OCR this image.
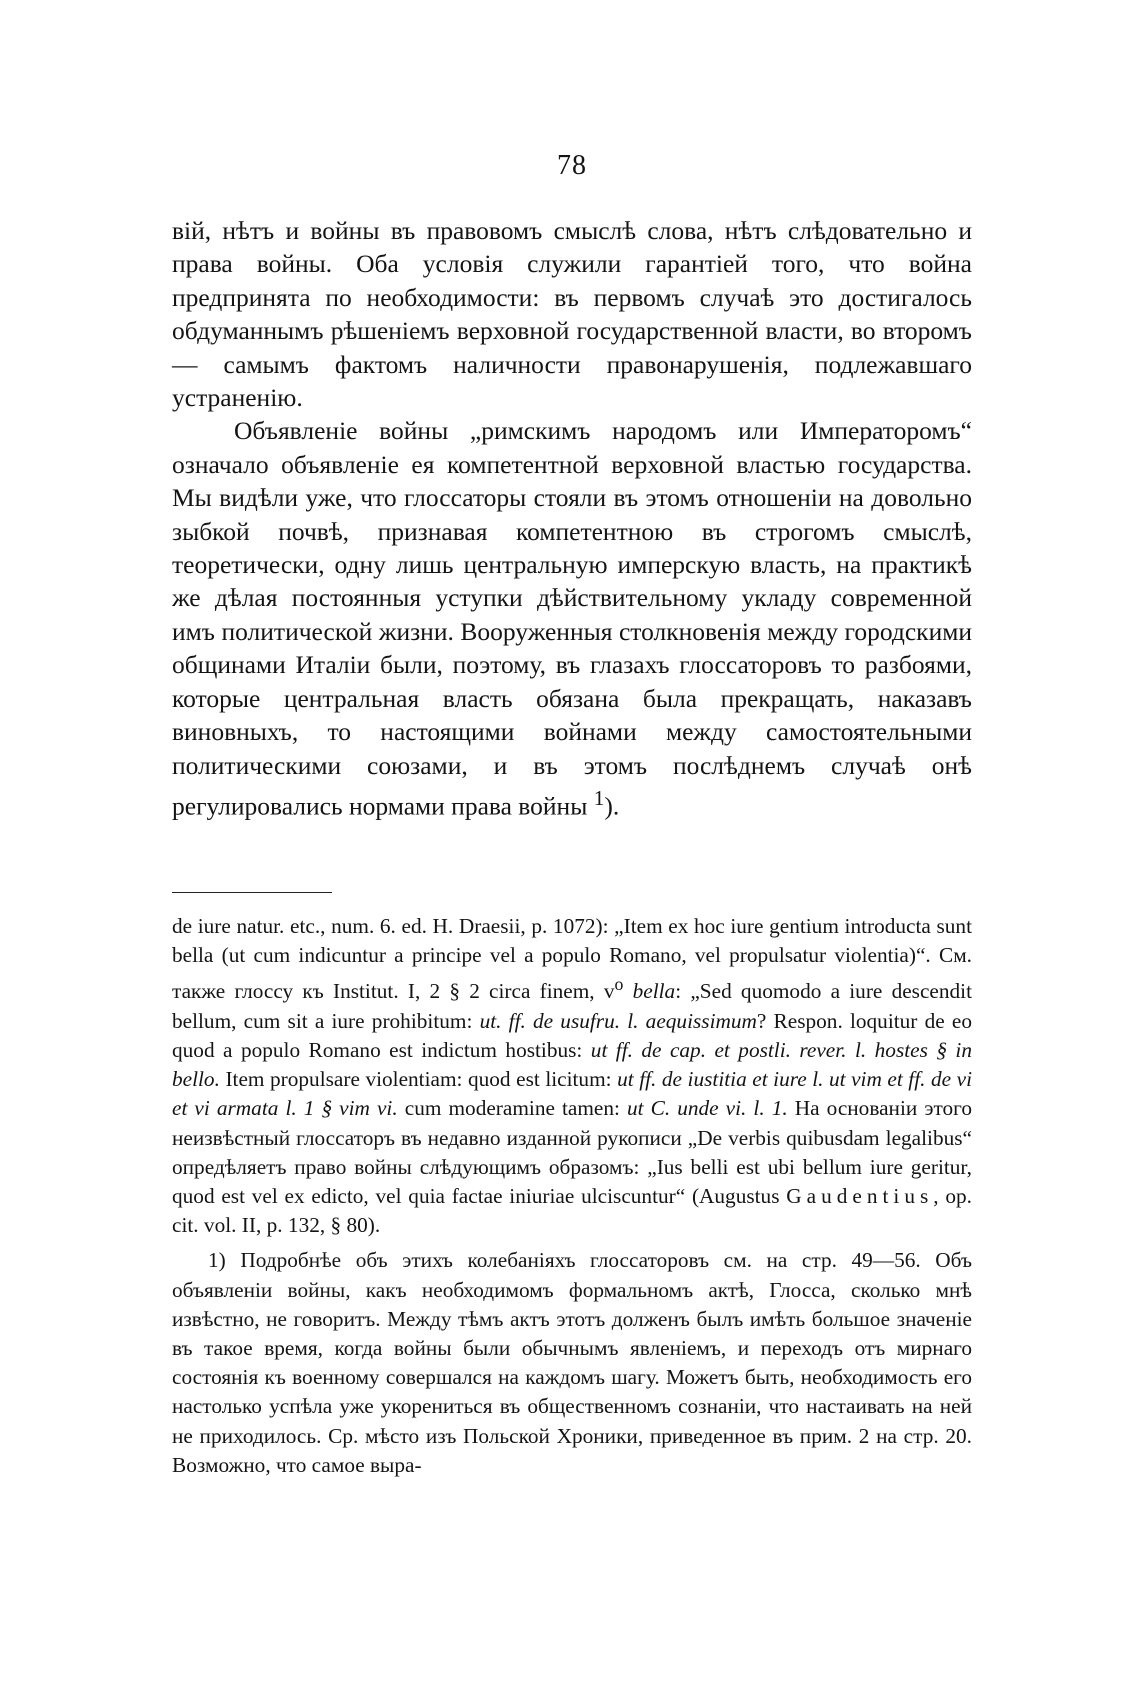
78

вій, нѣтъ и войны въ правовомъ смыслѣ слова, нѣтъ слѣдовательно и права войны. Оба условія служили гарантіей того, что война предпринята по необходимости: въ первомъ случаѣ это достигалось обдуманнымъ рѣшеніемъ верховной государственной власти, во второмъ — самымъ фактомъ наличности правонарушенія, подлежавшаго устраненію.

Объявленіе войны „римскимъ народомъ или Императоромъ“ означало объявленіе ея компетентной верховной властью государства. Мы видѣли уже, что глоссаторы стояли въ этомъ отношеніи на довольно зыбкой почвѣ, признавая компетентною въ строгомъ смыслѣ, теоретически, одну лишь центральную имперскую власть, на практикѣ же дѣлая постоянныя уступки дѣйствительному укладу современной имъ политической жизни. Вооруженныя столкновенія между городскими общинами Италіи были, поэтому, въ глазахъ глоссаторовъ то разбоями, которые центральная власть обязана была прекращать, наказавъ виновныхъ, то настоящими войнами между самостоятельными политическими союзами, и въ этомъ послѣднемъ случаѣ онѣ регулировались нормами права войны $^1$).

de iure natur. etc., num. 6. ed. H. Draesii, p. 1072): „Item ex hoc iure gentium introducta sunt bella (ut cum indicuntur a principe vel a populo Romano, vel propulsatur violentia)“. См. также глоссу къ Institut. I, 2 § 2 circa finem, $v^o$ bella: „Sed quomodo a iure descendit bellum, cum sit a iure prohibitum: ut. ff. de usufru. l. aequissimum? Respon. loquitur de eo quod a populo Romano est indictum hostibus: ut ff. de cap. et postli. rever. l. hostes § in bello. Item propulsare violentiam: quod est licitum: ut ff. de iustitia et iure l. ut vim et ff. de vi et vi armata l. 1 § vim vi. cum moderamine tamen: ut C. unde vi. l. 1. На основаніи этого неизвѣстный глоссаторъ въ недавно изданной рукописи „De verbis quibusdam legalibus“ опредѣляетъ право войны слѣдующимъ образомъ: „Ius belli est ubi bellum iure geritur, quod est vel ex edicto, vel quia factae iniuriae ulciscuntur“ (Augustus Gaudentius, op. cit. vol. II, p. 132, § 80).

1) Подробнѣе объ этихъ колебаніяхъ глоссаторовъ см. на стр. 49—56. Объ объявленіи войны, какъ необходимомъ формальномъ актѣ, Глосса, сколько мнѣ извѣстно, не говоритъ. Между тѣмъ актъ этотъ долженъ былъ имѣть большое значеніе въ такое время, когда войны были обычнымъ явленіемъ, и переходъ отъ мирнаго состоянія къ военному совершался на каждомъ шагу. Можетъ быть, необходимость его настолько успѣла уже укорениться въ общественномъ сознаніи, что настаивать на ней не приходилось. Ср. мѣсто изъ Польской Хроники, приведенное въ прим. 2 на стр. 20. Возможно, что самое выра-
